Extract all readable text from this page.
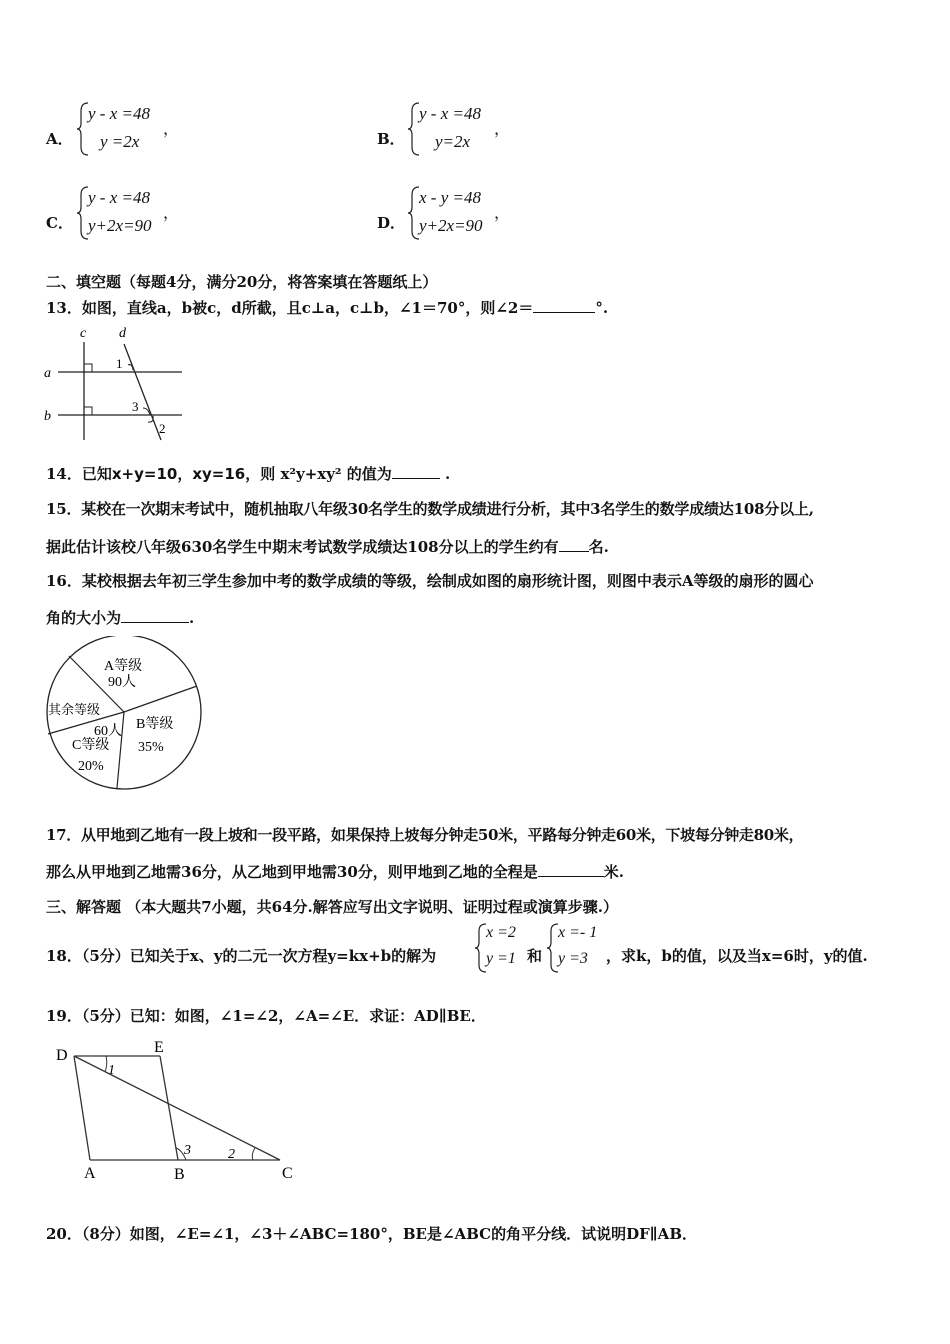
A．
y - x =48
y =2x
，
B．
y - x =48
y=2x
，
C．
y - x =48
y+2x=90
，
D．
x - y =48
y+2x=90
，
二、填空题（每题4分，满分20分，将答案填在答题纸上）
13．如图，直线a，b被c，d所截，且c⊥a，c⊥b，∠1＝70°，则∠2＝	°.
c d
a
b
1
3
2
14．已知x+y=10，xy=16，则 x²y+xy² 的值为	.
15．某校在一次期末考试中，随机抽取八年级30名学生的数学成绩进行分析，其中3名学生的数学成绩达108分以上,
据此估计该校八年级630名学生中期末考试数学成绩达108分以上的学生约有 名.
16．某校根据去年初三学生参加中考的数学成绩的等级，绘制成如图的扇形统计图，则图中表示A等级的扇形的圆心
角的大小为	.
A等级
90人
B等级
35%
C等级
20%
其余等级
60人
17．从甲地到乙地有一段上坡和一段平路，如果保持上坡每分钟走50米，平路每分钟走60米，下坡每分钟走80米，
那么从甲地到乙地需36分，从乙地到甲地需30分，则甲地到乙地的全程是	米.
三、解答题 （本大题共7小题，共64分.解答应写出文字说明、证明过程或演算步骤.）
18．（5分）已知关于x、y的二元一次方程y=kx+b的解为
x =2
y =1 和
x =- 1
y =3	，求k，b的值，以及当x=6时，y的值.
19．（5分）已知：如图，∠1=∠2，∠A=∠E．求证：AD∥BE．
D	E
A	B	C
1
2
3
20．（8分）如图，∠E=∠1，∠3＋∠ABC=180°，BE是∠ABC的角平分线．试说明DF∥AB．
